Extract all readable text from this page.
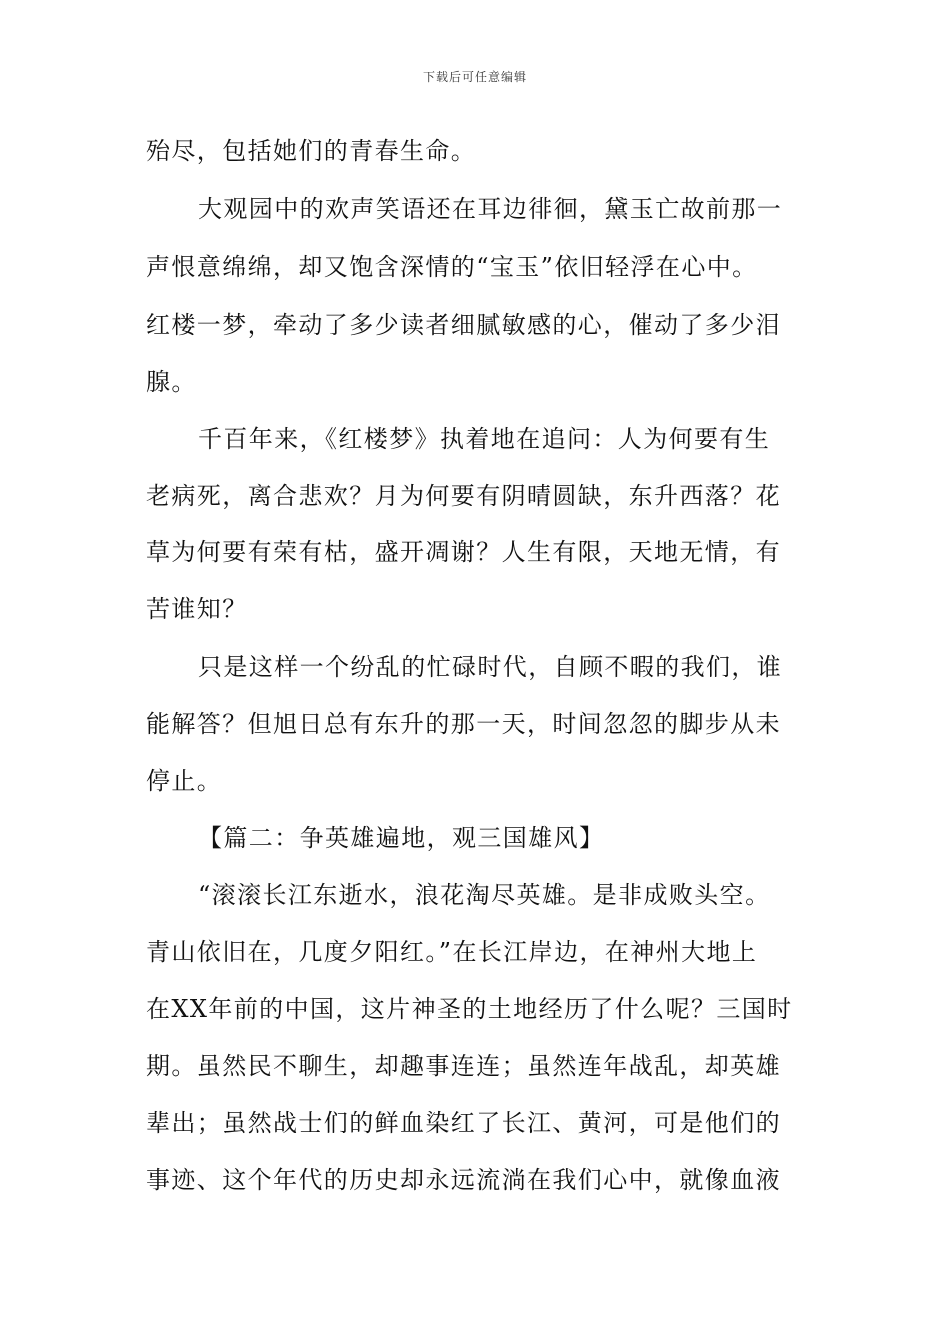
下载后可任意编辑
殆尽，包括她们的青春生命。
大观园中的欢声笑语还在耳边徘徊，黛玉亡故前那一
声恨意绵绵，却又饱含深情的“宝玉”依旧轻浮在心中。
红楼一梦，牵动了多少读者细腻敏感的心，催动了多少泪
腺。
千百年来，《红楼梦》执着地在追问：人为何要有生
老病死，离合悲欢？月为何要有阴晴圆缺，东升西落？花
草为何要有荣有枯，盛开凋谢？人生有限，天地无情，有
苦谁知？
只是这样一个纷乱的忙碌时代，自顾不暇的我们，谁
能解答？但旭日总有东升的那一天，时间忽忽的脚步从未
停止。
【篇二：争英雄遍地，观三国雄风】
“滚滚长江东逝水，浪花淘尽英雄。是非成败头空。
青山依旧在，几度夕阳红。”在长江岸边，在神州大地上
在XX年前的中国，这片神圣的土地经历了什么呢？三国时
期。虽然民不聊生，却趣事连连；虽然连年战乱，却英雄
辈出；虽然战士们的鲜血染红了长江、黄河，可是他们的
事迹、这个年代的历史却永远流淌在我们心中，就像血液
